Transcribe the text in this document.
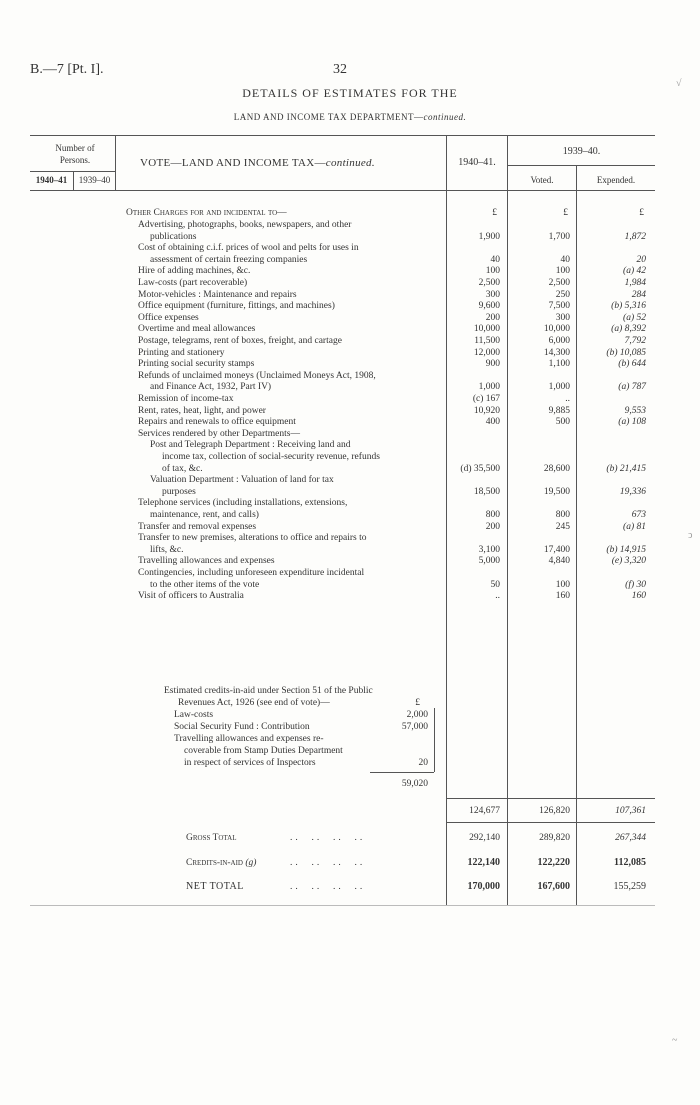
B.—7 [Pt. I].	32
DETAILS OF ESTIMATES FOR THE
LAND AND INCOME TAX DEPARTMENT—continued.
Number of Persons.
1940–41	1939–40
VOTE—LAND AND INCOME TAX—continued.	1940–41.
1939–40.
Voted.	Expended.
Other Charges for and incidental to—	£	£	£
Advertising, photographs, books, newspapers, and other
publications	1,900	1,700	1,872
Cost of obtaining c.i.f. prices of wool and pelts for uses in
assessment of certain freezing companies	40	40	20
Hire of adding machines, &c.	100	100	(a) 42
Law-costs (part recoverable)	2,500	2,500	1,984
Motor-vehicles : Maintenance and repairs	300	250	284
Office equipment (furniture, fittings, and machines)	9,600	7,500	(b) 5,316
Office expenses	200	300	(a) 52
Overtime and meal allowances	10,000	10,000	(a) 8,392
Postage, telegrams, rent of boxes, freight, and cartage	11,500	6,000	7,792
Printing and stationery	12,000	14,300	(b) 10,085
Printing social security stamps	900	1,100	(b) 644
Refunds of unclaimed moneys (Unclaimed Moneys Act, 1908,
and Finance Act, 1932, Part IV)	1,000	1,000	(a) 787
Remission of income-tax	(c) 167	..
Rent, rates, heat, light, and power	10,920	9,885	9,553
Repairs and renewals to office equipment	400	500	(a) 108
Services rendered by other Departments—
Post and Telegraph Department : Receiving land and
income tax, collection of social-security revenue, refunds
of tax, &c.	(d) 35,500	28,600	(b) 21,415
Valuation Department : Valuation of land for tax
purposes	18,500	19,500	19,336
Telephone services (including installations, extensions,
maintenance, rent, and calls)	800	800	673
Transfer and removal expenses	200	245	(a) 81
Transfer to new premises, alterations to office and repairs to
lifts, &c.	3,100	17,400	(b) 14,915
Travelling allowances and expenses	5,000	4,840	(e) 3,320
Contingencies, including unforeseen expenditure incidental
to the other items of the vote	50	100	(f) 30
Visit of officers to Australia	..	160	160
Estimated credits-in-aid under Section 51 of the Public
Revenues Act, 1926 (see end of vote)—	£
Law-costs	2,000
Social Security Fund : Contribution	57,000
Travelling allowances and expenses re-
coverable from Stamp Duties Department
in respect of services of Inspectors	20
59,020
124,677	126,820	107,361
Gross Total	..  ..  ..  ..	292,140	289,820	267,344
Credits-in-aid (g)	..  ..  ..  ..	122,140	122,220	112,085
NET TOTAL	..  ..  ..  ..	170,000	167,600	155,259
√
ↄ
~
